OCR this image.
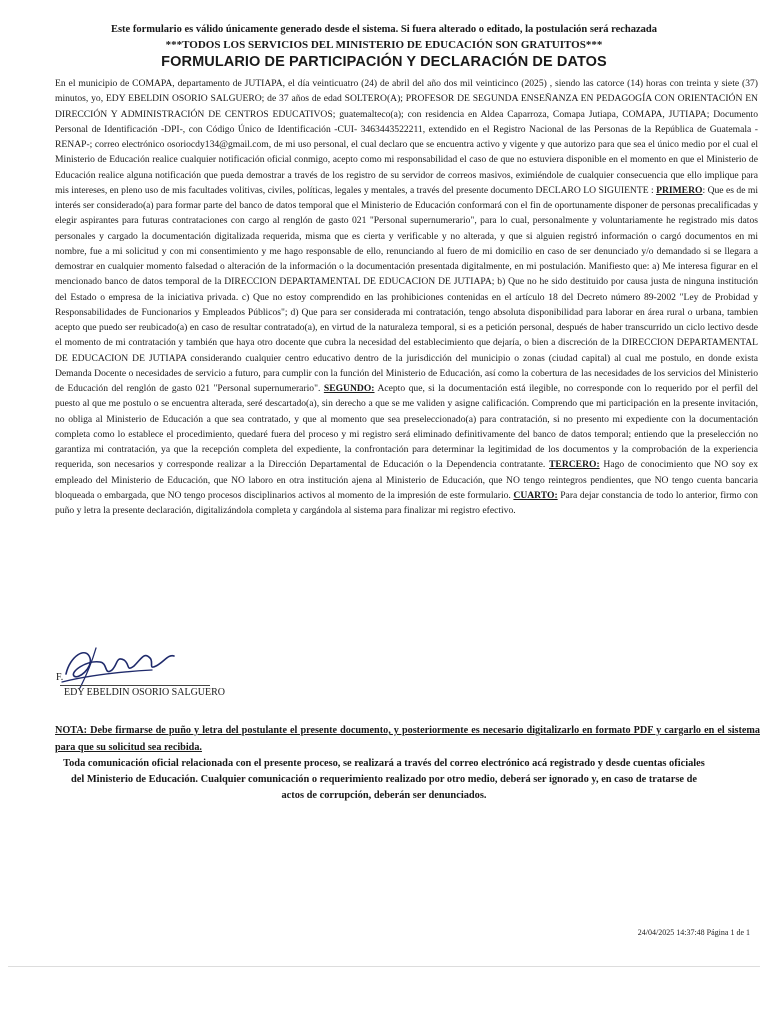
Este formulario es válido únicamente generado desde el sistema. Si fuera alterado o editado, la postulación será rechazada
***TODOS LOS SERVICIOS DEL MINISTERIO DE EDUCACIÓN SON GRATUITOS***
FORMULARIO DE PARTICIPACIÓN Y DECLARACIÓN DE DATOS
En el municipio de COMAPA, departamento de JUTIAPA, el día veinticuatro (24) de abril del año dos mil veinticinco (2025) , siendo las catorce (14) horas con treinta y siete (37) minutos, yo, EDY EBELDIN OSORIO SALGUERO; de 37 años de edad SOLTERO(A); PROFESOR DE SEGUNDA ENSEÑANZA EN PEDAGOGÍA CON ORIENTACIÓN EN DIRECCIÓN Y ADMINISTRACIÓN DE CENTROS EDUCATIVOS; guatemalteco(a); con residencia en Aldea Caparroza, Comapa Jutiapa, COMAPA, JUTIAPA; Documento Personal de Identificación -DPI-, con Código Único de Identificación -CUI- 3463443522211, extendido en el Registro Nacional de las Personas de la República de Guatemala -RENAP-; correo electrónico osoriocdy134@gmail.com, de mi uso personal, el cual declaro que se encuentra activo y vigente y que autorizo para que sea el único medio por el cual el Ministerio de Educación realice cualquier notificación oficial conmigo, acepto como mi responsabilidad el caso de que no estuviera disponible en el momento en que el Ministerio de Educación realice alguna notificación que pueda demostrar a través de los registro de su servidor de correos masivos, eximiéndole de cualquier consecuencia que ello implique para mis intereses, en pleno uso de mis facultades volitivas, civiles, políticas, legales y mentales, a través del presente documento DECLARO LO SIGUIENTE : PRIMERO: Que es de mi interés ser considerado(a) para formar parte del banco de datos temporal que el Ministerio de Educación conformará con el fin de oportunamente disponer de personas precalificadas y elegir aspirantes para futuras contrataciones con cargo al renglón de gasto 021 "Personal supernumerario", para lo cual, personalmente y voluntariamente he registrado mis datos personales y cargado la documentación digitalizada requerida, misma que es cierta y verificable y no alterada, y que si alguien registró información o cargó documentos en mi nombre, fue a mi solicitud y con mi consentimiento y me hago responsable de ello, renunciando al fuero de mi domicilio en caso de ser denunciado y/o demandado si se llegara a demostrar en cualquier momento falsedad o alteración de la información o la documentación presentada digitalmente, en mi postulación. Manifiesto que: a) Me interesa figurar en el mencionado banco de datos temporal de la DIRECCION DEPARTAMENTAL DE EDUCACION DE JUTIAPA; b) Que no he sido destituido por causa justa de ninguna institución del Estado o empresa de la iniciativa privada. c) Que no estoy comprendido en las prohibiciones contenidas en el artículo 18 del Decreto número 89-2002 "Ley de Probidad y Responsabilidades de Funcionarios y Empleados Públicos"; d) Que para ser considerada mi contratación, tengo absoluta disponibilidad para laborar en área rural o urbana, tambien acepto que puedo ser reubicado(a) en caso de resultar contratado(a), en virtud de la naturaleza temporal, si es a petición personal, después de haber transcurrido un ciclo lectivo desde el momento de mi contratación y también que haya otro docente que cubra la necesidad del establecimiento que dejaría, o bien a discreción de la DIRECCION DEPARTAMENTAL DE EDUCACION DE JUTIAPA considerando cualquier centro educativo dentro de la jurisdicción del municipio o zonas (ciudad capital) al cual me postulo, en donde exista Demanda Docente o necesidades de servicio a futuro, para cumplir con la función del Ministerio de Educación, así como la cobertura de las necesidades de los servicios del Ministerio de Educación del renglón de gasto 021 "Personal supernumerario". SEGUNDO: Acepto que, si la documentación está ilegible, no corresponde con lo requerido por el perfil del puesto al que me postulo o se encuentra alterada, seré descartado(a), sin derecho a que se me validen y asigne calificación. Comprendo que mi participación en la presente invitación, no obliga al Ministerio de Educación a que sea contratado, y que al momento que sea preseleccionado(a) para contratación, si no presento mi expediente con la documentación completa como lo establece el procedimiento, quedaré fuera del proceso y mi registro será eliminado definitivamente del banco de datos temporal; entiendo que la preselección no garantiza mi contratación, ya que la recepción completa del expediente, la confrontación para determinar la legitimidad de los documentos y la comprobación de la experiencia requerida, son necesarios y corresponde realizar a la Dirección Departamental de Educación o la Dependencia contratante. TERCERO: Hago de conocimiento que NO soy ex empleado del Ministerio de Educación, que NO laboro en otra institución ajena al Ministerio de Educación, que NO tengo reintegros pendientes, que NO tengo cuenta bancaria bloqueada o embargada, que NO tengo procesos disciplinarios activos al momento de la impresión de este formulario. CUARTO: Para dejar constancia de todo lo anterior, firmo con puño y letra la presente declaración, digitalizándola completa y cargándola al sistema para finalizar mi registro efectivo.
F.
EDY EBELDIN OSORIO SALGUERO
NOTA: Debe firmarse de puño y letra del postulante el presente documento, y posteriormente es necesario digitalizarlo en formato PDF y cargarlo en el sistema para que su solicitud sea recibida.
Toda comunicación oficial relacionada con el presente proceso, se realizará a través del correo electrónico acá registrado y desde cuentas oficiales del Ministerio de Educación. Cualquier comunicación o requerimiento realizado por otro medio, deberá ser ignorado y, en caso de tratarse de actos de corrupción, deberán ser denunciados.
24/04/2025 14:37:48 Página 1 de 1
